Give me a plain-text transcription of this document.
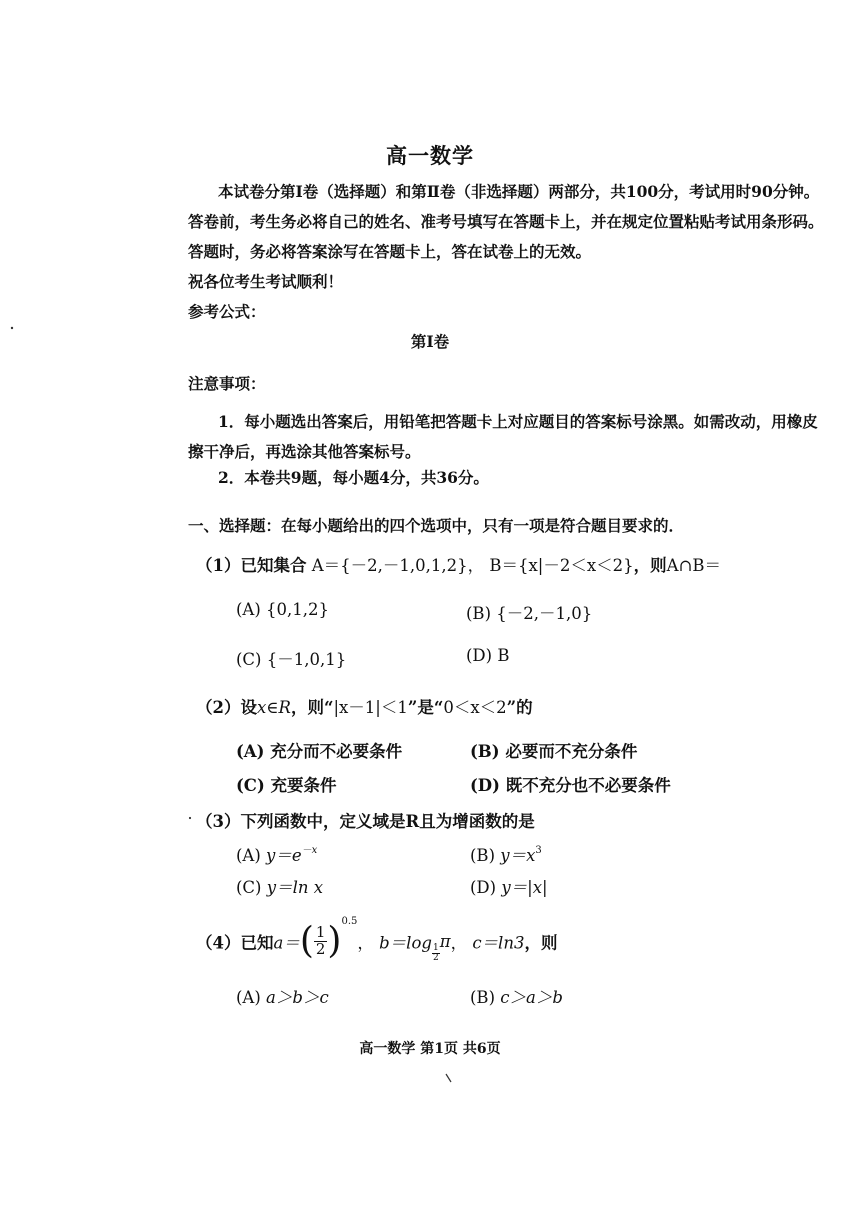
高一数学
本试卷分第Ⅰ卷（选择题）和第Ⅱ卷（非选择题）两部分，共100分，考试用时90分钟。
答卷前，考生务必将自己的姓名、准考号填写在答题卡上，并在规定位置粘贴考试用条形码。
答题时，务必将答案涂写在答题卡上，答在试卷上的无效。
祝各位考生考试顺利！
参考公式：
第Ⅰ卷
注意事项：
1．每小题选出答案后，用铅笔把答题卡上对应题目的答案标号涂黑。如需改动，用橡皮
擦干净后，再选涂其他答案标号。
2．本卷共9题，每小题4分，共36分。
一、选择题：在每小题给出的四个选项中，只有一项是符合题目要求的．
（1）已知集合 A＝{－2,－1,0,1,2}， B＝{x|－2＜x＜2}，则A∩B＝
(A) {0,1,2}	(B) {－2,－1,0}
(C) {－1,0,1}	(D) B
（2）设x∈R，则“|x－1|＜1”是“0＜x＜2”的
(A) 充分而不必要条件	(B) 必要而不充分条件
(C) 充要条件	(D) 既不充分也不必要条件
（3）下列函数中，定义域是R且为增函数的是
(A) $y=e^{-x}$	(B) $y=x^3$
(C) y＝ln x	(D) y＝|x|
（4）已知$a=( \frac{1}{2} )^{0.5}$， b＝log
$\frac{1}{2}$
π， c＝ln3，则
(A) a＞b＞c	(B) c＞a＞b
高一数学 第1页 共6页
